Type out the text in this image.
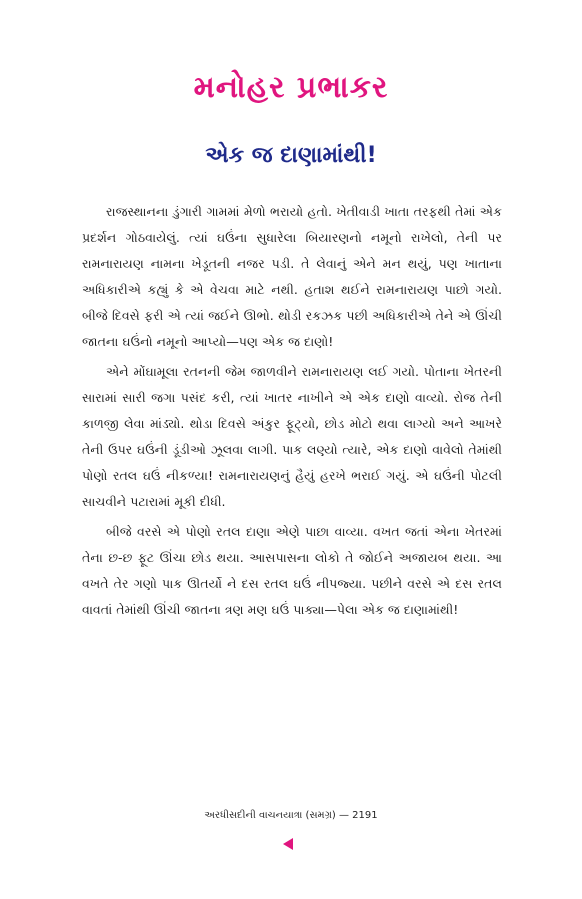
મનોહર પ્રભાકર
એક જ દાણામાંથી!

રાજસ્થાનના ડુંગારી ગામમાં મેળો ભરાયો હતો. ખેતીવાડી ખાતા તરફથી તેમાં એક પ્રદર્શન ગોઠવાયેલું. ત્યાં ઘઉંના સુધારેલા બિયારણનો નમૂનો રાખેલો, તેની પર રામનારાયણ નામના ખેડૂતની નજર પડી. તે લેવાનું એને મન થયું, પણ ખાતાના અધિકારીએ કહ્યું કે એ વેચવા માટે નથી. હતાશ થઈને રામનારાયણ પાછો ગયો. બીજે દિવસે ફરી એ ત્યાં જઈને ઊભો. થોડી રકઝક પછી અધિકારીએ તેને એ ઊંચી જાતના ઘઉંનો નમૂનો આપ્યો—પણ એક જ દાણો!

એને મોંઘામૂલા રતનની જેમ જાળવીને રામનારાયણ લઈ ગયો. પોતાના ખેતરની સારામાં સારી જગા પસંદ કરી, ત્યાં ખાતર નાખીને એ એક દાણો વાવ્યો. રોજ તેની કાળજી લેવા માંડ્યો. થોડા દિવસે અંકુર ફૂટ્યો, છોડ મોટો થવા લાગ્યો અને આખરે તેની ઉપર ઘઉંની ડૂંડીઓ ઝૂલવા લાગી. પાક લણ્યો ત્યારે, એક દાણો વાવેલો તેમાંથી પોણો રતલ ઘઉં નીકળ્યા! રામનારાયણનું હૈયું હરખે ભરાઈ ગયું. એ ઘઉંની પોટલી સાચવીને પટારામાં મૂકી દીધી.

બીજે વરસે એ પોણો રતલ દાણા એણે પાછા વાવ્યા. વખત જતાં એના ખેતરમાં તેના છ-છ ફૂટ ઊંચા છોડ થયા. આસપાસના લોકો તે જોઈને અજાયબ થયા. આ વખતે તેર ગણો પાક ઊતર્યો ને દસ રતલ ઘઉં નીપજ્યા. પછીને વરસે એ દસ રતલ વાવતાં તેમાંથી ઊંચી જાતના ત્રણ મણ ઘઉં પાક્યા—પેલા એક જ દાણામાંથી!

અરધીસદીની વાચનયાત્રા (સમગ્ર) — 2191
